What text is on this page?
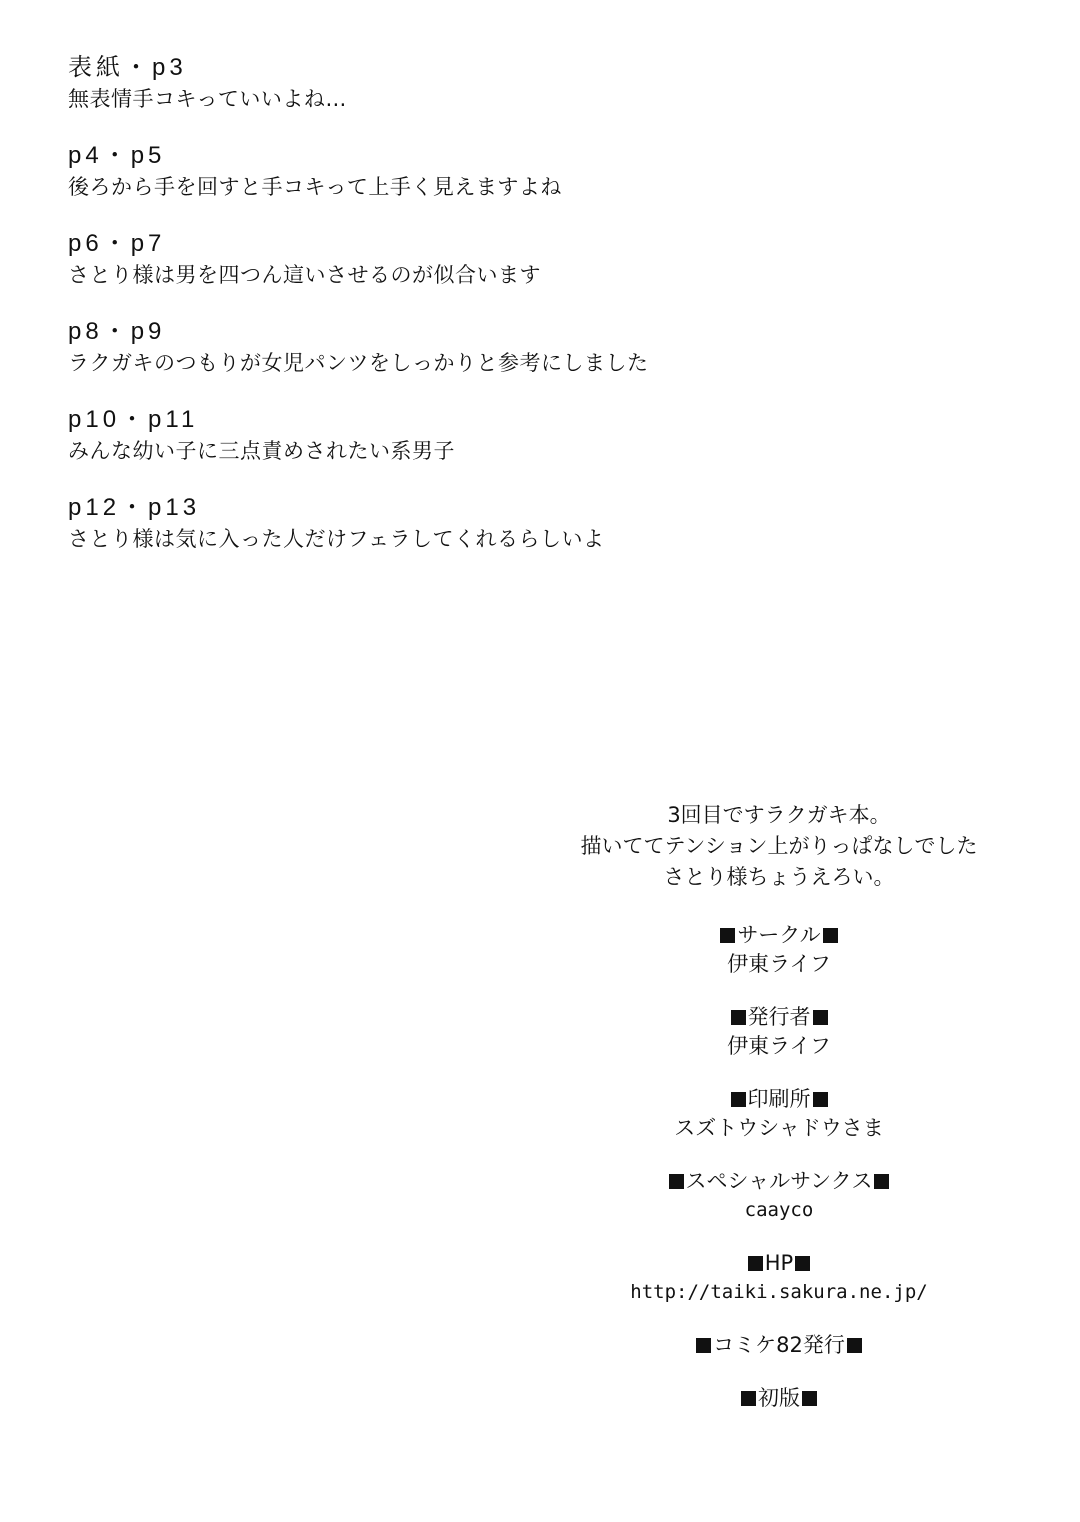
表紙・p3
無表情手コキっていいよね…
p4・p5
後ろから手を回すと手コキって上手く見えますよね
p6・p7
さとり様は男を四つん這いさせるのが似合います
p8・p9
ラクガキのつもりが女児パンツをしっかりと参考にしました
p10・p11
みんな幼い子に三点責めされたい系男子
p12・p13
さとり様は気に入った人だけフェラしてくれるらしいよ
3回目ですラクガキ本。
描いててテンション上がりっぱなしでした
さとり様ちょうえろい。
サークル
伊東ライフ
発行者
伊東ライフ
印刷所
スズトウシャドウさま
スペシャルサンクス
caayco
HP
http://taiki.sakura.ne.jp/
コミケ82発行
初版
